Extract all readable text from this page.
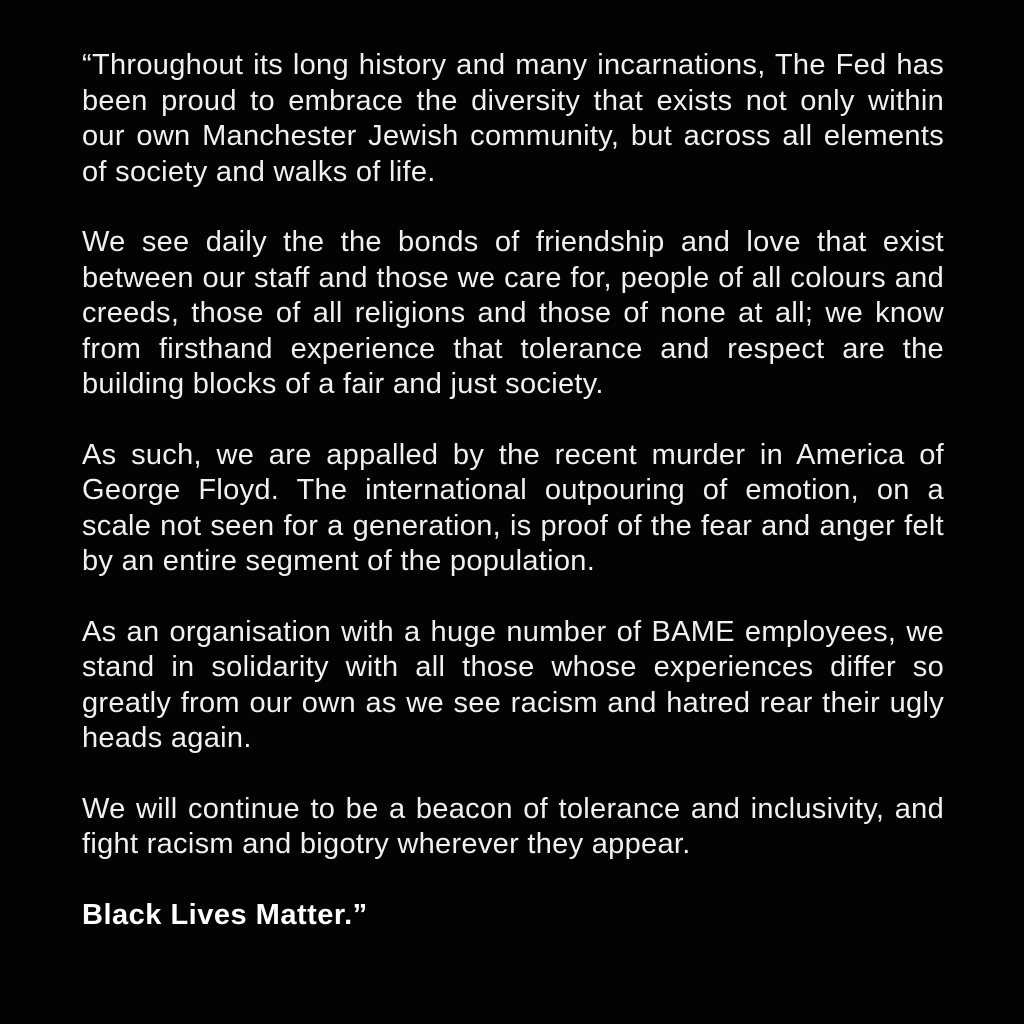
“Throughout its long history and many incarnations, The Fed has been proud to embrace the diversity that exists not only within our own Manchester Jewish community, but across all elements of society and walks of life.

We see daily the the bonds of friendship and love that exist between our staff and those we care for, people of all colours and creeds, those of all religions and those of none at all; we know from firsthand experience that tolerance and respect are the building blocks of a fair and just society.

As such, we are appalled by the recent murder in America of George Floyd. The international outpouring of emotion, on a scale not seen for a generation, is proof of the fear and anger felt by an entire segment of the population.

As an organisation with a huge number of BAME employees, we stand in solidarity with all those whose experiences differ so greatly from our own as we see racism and hatred rear their ugly heads again.

We will continue to be a beacon of tolerance and inclusivity, and fight racism and bigotry wherever they appear.

Black Lives Matter.”
